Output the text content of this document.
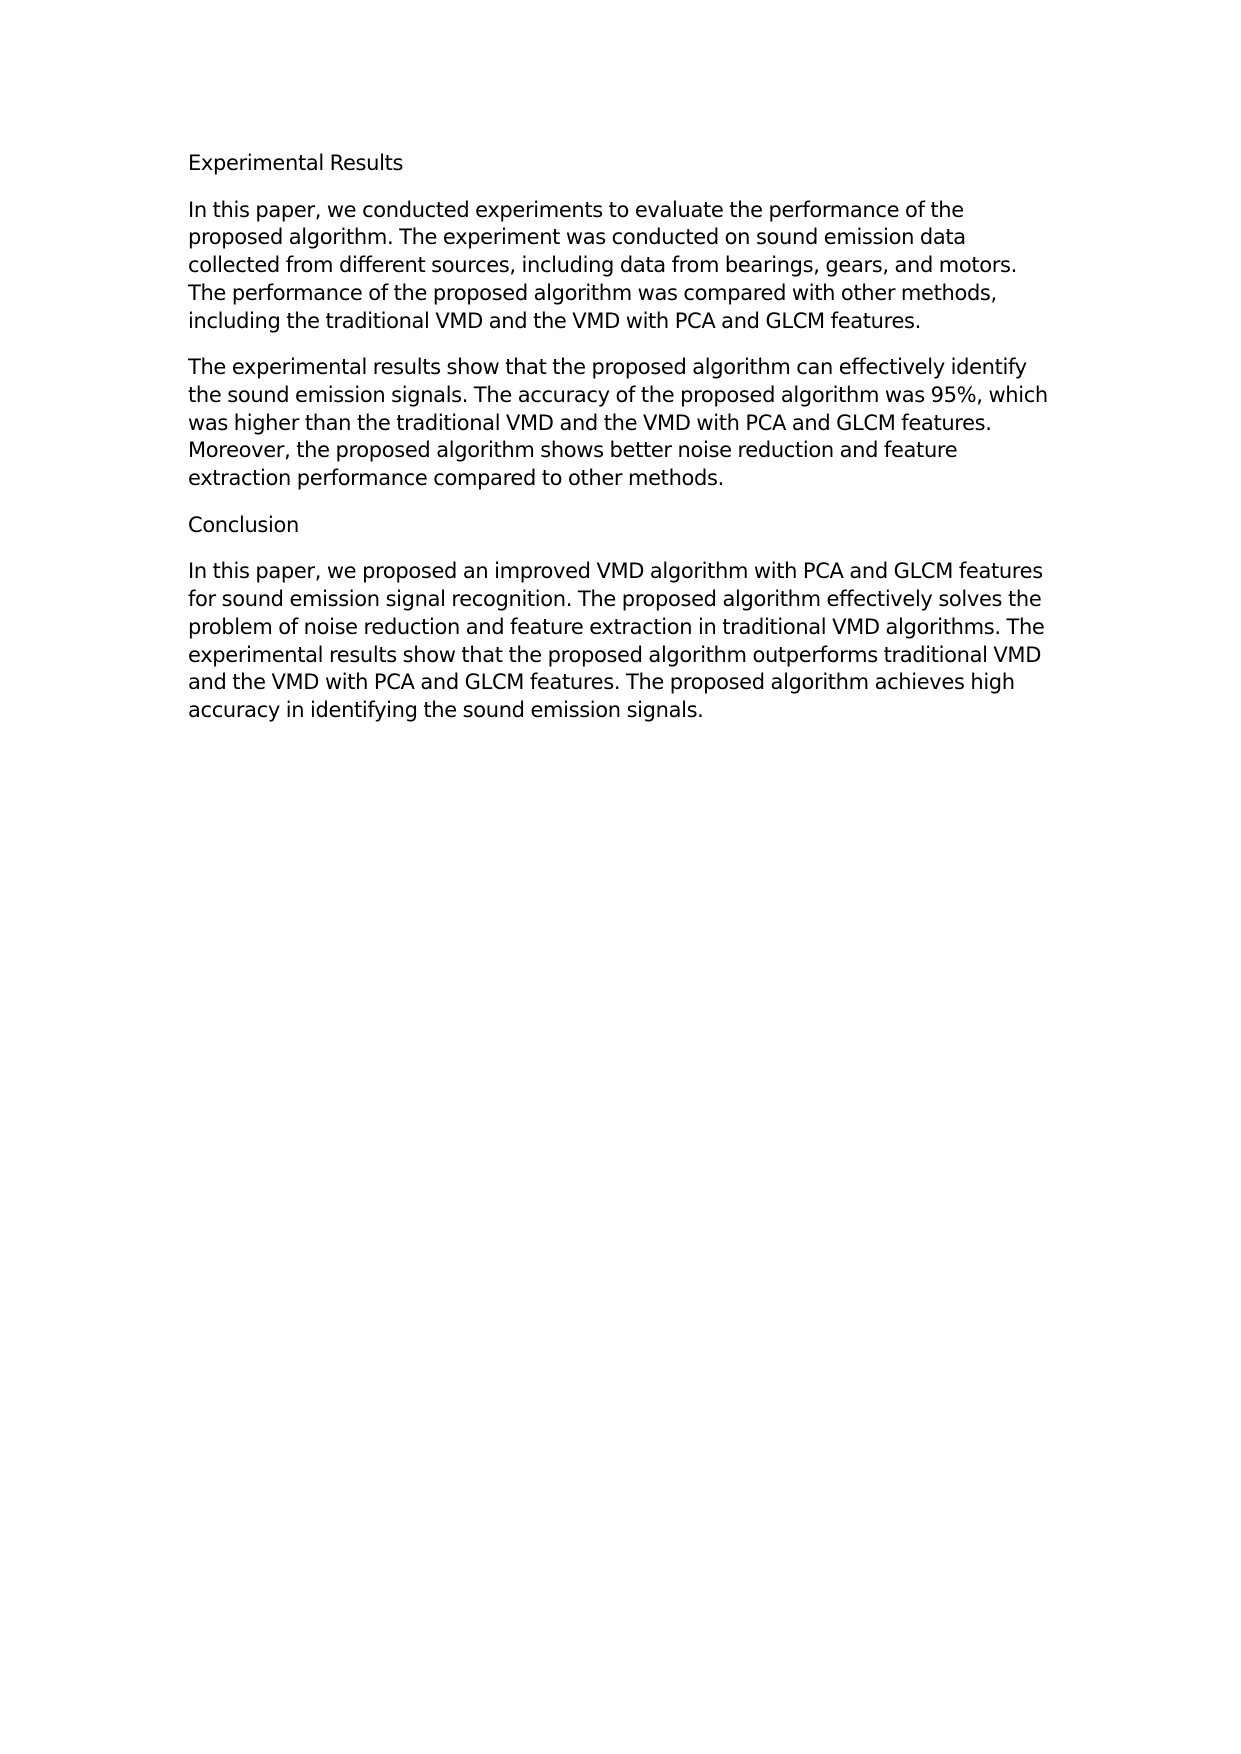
Experimental Results
In this paper, we conducted experiments to evaluate the performance of the
proposed algorithm. The experiment was conducted on sound emission data
collected from different sources, including data from bearings, gears, and motors.
The performance of the proposed algorithm was compared with other methods,
including the traditional VMD and the VMD with PCA and GLCM features.
The experimental results show that the proposed algorithm can effectively identify
the sound emission signals. The accuracy of the proposed algorithm was 95%, which
was higher than the traditional VMD and the VMD with PCA and GLCM features.
Moreover, the proposed algorithm shows better noise reduction and feature
extraction performance compared to other methods.
Conclusion
In this paper, we proposed an improved VMD algorithm with PCA and GLCM features
for sound emission signal recognition. The proposed algorithm effectively solves the
problem of noise reduction and feature extraction in traditional VMD algorithms. The
experimental results show that the proposed algorithm outperforms traditional VMD
and the VMD with PCA and GLCM features. The proposed algorithm achieves high
accuracy in identifying the sound emission signals.
